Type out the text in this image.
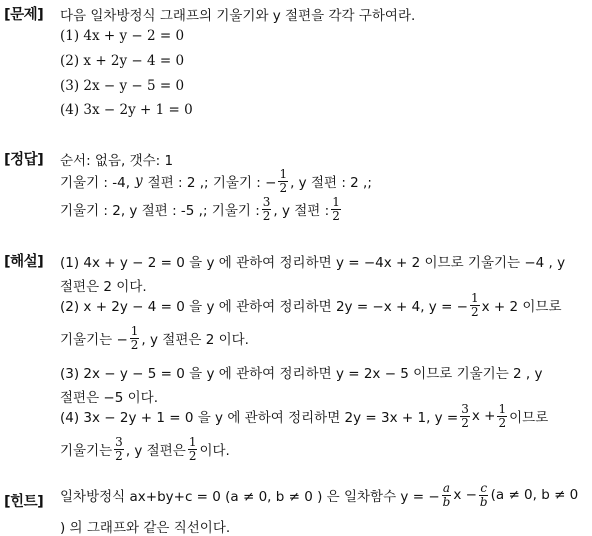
[문제] 다음 일차방정식 그래프의 기울기와 y 절편을 각각 구하여라.
(1) 4x + y − 2 = 0
(2) x + 2y − 4 = 0
(3) 2x − y − 5 = 0
(4) 3x − 2y + 1 = 0
[정답] 순서: 없음, 갯수: 1
기울기 : -4, y 절편 : 2 ,; 기울기 : − $\frac{1}{2}$ , y 절편 : 2 ,;
기울기 : 2, y 절편 : -5 ,; 기울기 : $\frac{3}{2}$ , y 절편 : $\frac{1}{2}$
[해설] (1) 4x + y − 2 = 0 을 y 에 관하여 정리하면 y = −4x + 2 이므로 기울기는 −4 , y
절편은 2 이다.
(2) x + 2y − 4 = 0 을 y 에 관하여 정리하면 2y = −x + 4, y = − $\frac{1}{2}$ x + 2 이므로
기울기는 − $\frac{1}{2}$ , y 절편은 2 이다.
(3) 2x − y − 5 = 0 을 y 에 관하여 정리하면 y = 2x − 5 이므로 기울기는 2 , y
절편은 −5 이다.
(4) 3x − 2y + 1 = 0 을 y 에 관하여 정리하면 2y = 3x + 1, $y = \frac{3}{2}$ $x + \frac{1}{2}$ 이므로
기울기는 $\frac{3}{2}$ , y 절편은 $\frac{1}{2}$ 이다.
[힌트] 일차방정식 ax+by+c = 0 (a ≠ 0, b ≠ 0 ) 은 일차함수 y = − $\frac{a}{b}$ $x - \frac{c}{b} (a \ne 0$, b ≠ 0
) 의 그래프와 같은 직선이다.
